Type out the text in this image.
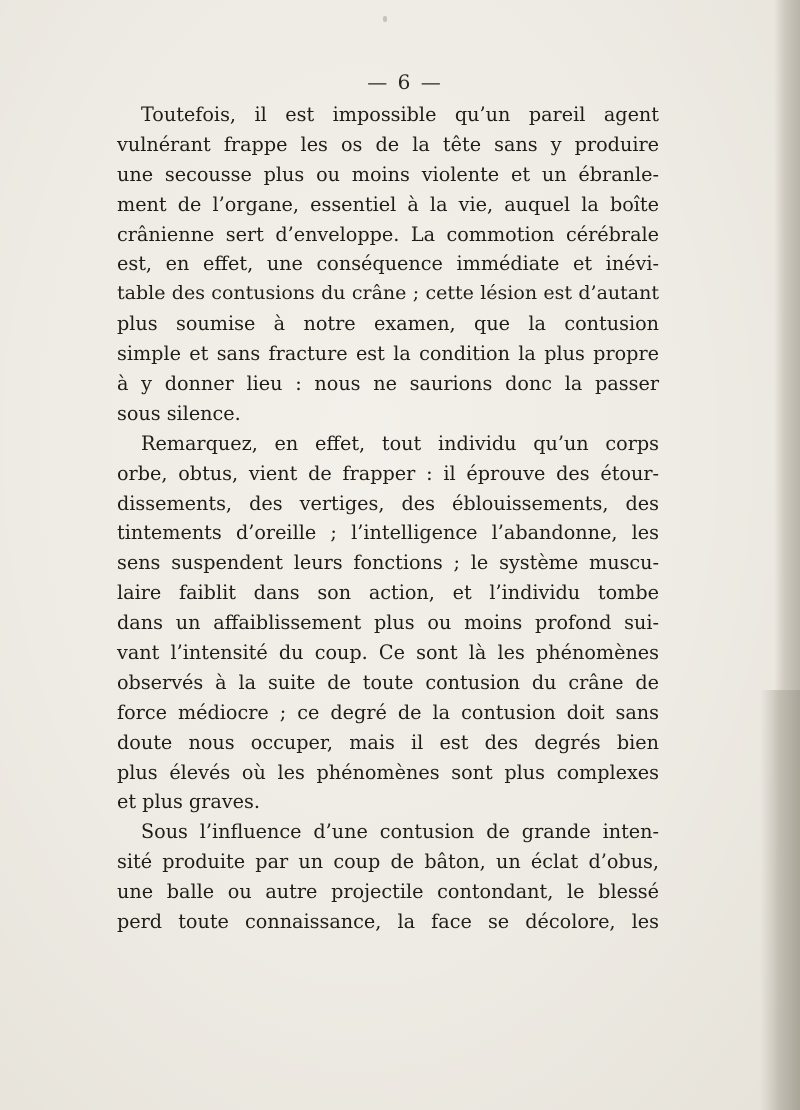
— 6 —
Toutefois, il est impossible qu’un pareil agent
vulnérant frappe les os de la tête sans y produire
une secousse plus ou moins violente et un ébranle-
ment de l’organe, essentiel à la vie, auquel la boîte
crânienne sert d’enveloppe. La commotion cérébrale
est, en effet, une conséquence immédiate et inévi-
table des contusions du crâne ; cette lésion est d’autant
plus soumise à notre examen, que la contusion
simple et sans fracture est la condition la plus propre
à y donner lieu : nous ne saurions donc la passer
sous silence.
Remarquez, en effet, tout individu qu’un corps
orbe, obtus, vient de frapper : il éprouve des étour-
dissements, des vertiges, des éblouissements, des
tintements d’oreille ; l’intelligence l’abandonne, les
sens suspendent leurs fonctions ; le système muscu-
laire faiblit dans son action, et l’individu tombe
dans un affaiblissement plus ou moins profond sui-
vant l’intensité du coup. Ce sont là les phénomènes
observés à la suite de toute contusion du crâne de
force médiocre ; ce degré de la contusion doit sans
doute nous occuper, mais il est des degrés bien
plus élevés où les phénomènes sont plus complexes
et plus graves.
Sous l’influence d’une contusion de grande inten-
sité produite par un coup de bâton, un éclat d’obus,
une balle ou autre projectile contondant, le blessé
perd toute connaissance, la face se décolore, les
